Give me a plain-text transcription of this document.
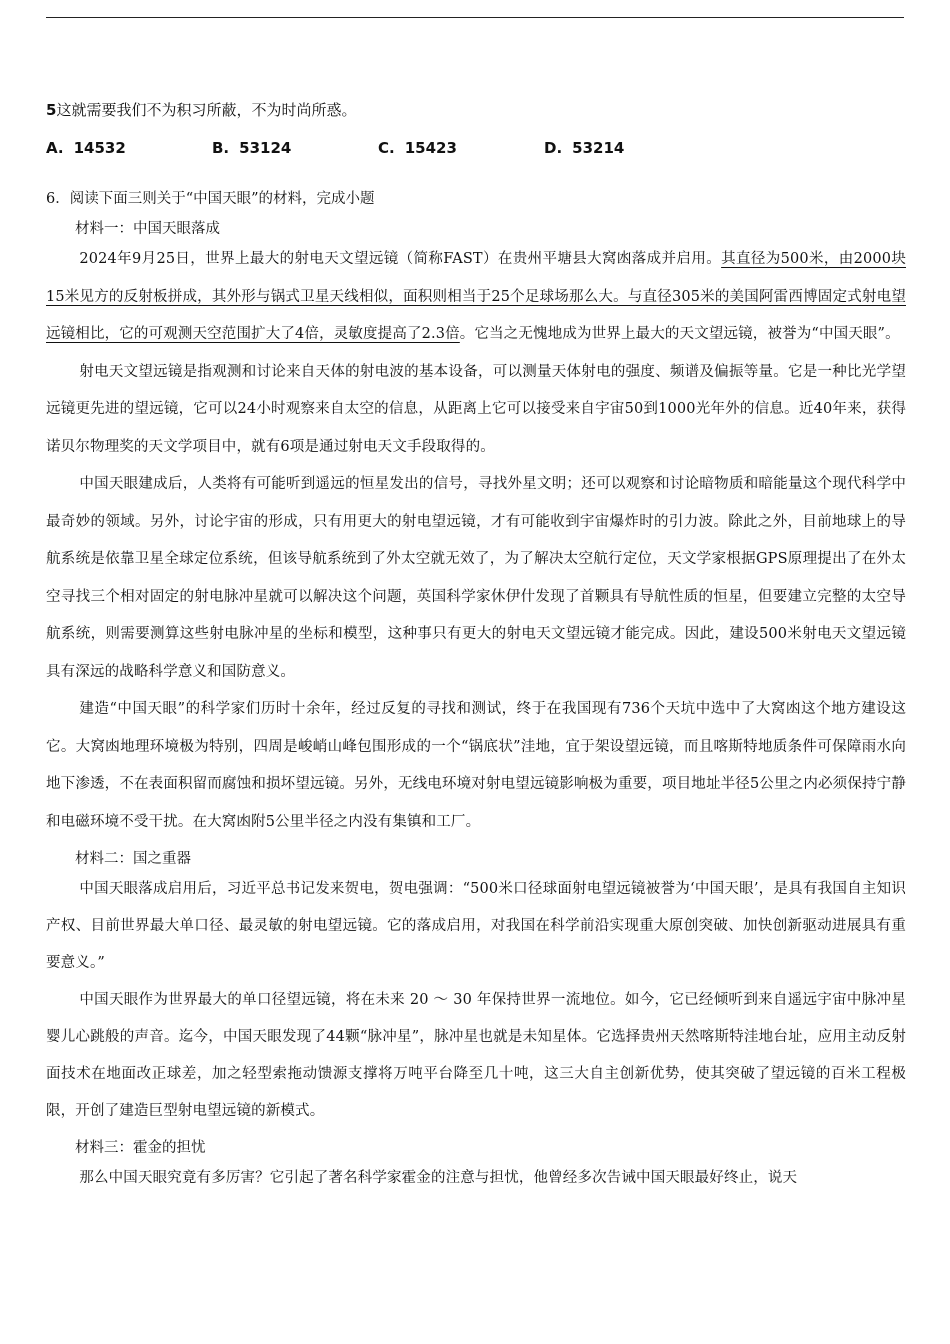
5这就需要我们不为积习所蔽，不为时尚所惑。

A. 14532	B. 53124	C. 15423	D. 53214
6．阅读下面三则关于“中国天眼”的材料，完成小题

材料一：中国天眼落成

2024年9月25日，世界上最大的射电天文望远镜（简称FAST）在贵州平塘县大窝凼落成并启用。其直径为500米，由2000块15米见方的反射板拼成，其外形与锅式卫星天线相似，面积则相当于25个足球场那么大。与直径305米的美国阿雷西博固定式射电望远镜相比，它的可观测天空范围扩大了4倍，灵敏度提高了2.3倍。它当之无愧地成为世界上最大的天文望远镜，被誉为“中国天眼”。

射电天文望远镜是指观测和讨论来自天体的射电波的基本设备，可以测量天体射电的强度、频谱及偏振等量。它是一种比光学望远镜更先进的望远镜，它可以24小时观察来自太空的信息，从距离上它可以接受来自宇宙50到1000光年外的信息。近40年来，获得诺贝尔物理奖的天文学项目中，就有6项是通过射电天文手段取得的。

中国天眼建成后，人类将有可能听到遥远的恒星发出的信号，寻找外星文明；还可以观察和讨论暗物质和暗能量这个现代科学中最奇妙的领域。另外，讨论宇宙的形成，只有用更大的射电望远镜，才有可能收到宇宙爆炸时的引力波。除此之外，目前地球上的导航系统是依靠卫星全球定位系统，但该导航系统到了外太空就无效了，为了解决太空航行定位，天文学家根据GPS原理提出了在外太空寻找三个相对固定的射电脉冲星就可以解决这个问题，英国科学家休伊什发现了首颗具有导航性质的恒星，但要建立完整的太空导航系统，则需要测算这些射电脉冲星的坐标和模型，这种事只有更大的射电天文望远镜才能完成。因此，建设500米射电天文望远镜具有深远的战略科学意义和国防意义。

建造“中国天眼”的科学家们历时十余年，经过反复的寻找和测试，终于在我国现有736个天坑中选中了大窝凼这个地方建设这它。大窝凼地理环境极为特别，四周是峻峭山峰包围形成的一个“锅底状”洼地，宜于架设望远镜，而且喀斯特地质条件可保障雨水向地下渗透，不在表面积留而腐蚀和损坏望远镜。另外，无线电环境对射电望远镜影响极为重要，项目地址半径5公里之内必须保持宁静和电磁环境不受干扰。在大窝凼附5公里半径之内没有集镇和工厂。

材料二：国之重器

中国天眼落成启用后，习近平总书记发来贺电，贺电强调：“500米口径球面射电望远镜被誉为‘中国天眼’，是具有我国自主知识产权、目前世界最大单口径、最灵敏的射电望远镜。它的落成启用，对我国在科学前沿实现重大原创突破、加快创新驱动进展具有重要意义。”

中国天眼作为世界最大的单口径望远镜，将在未来 20 ～ 30 年保持世界一流地位。如今，它已经倾听到来自遥远宇宙中脉冲星婴儿心跳般的声音。迄今，中国天眼发现了44颗“脉冲星”，脉冲星也就是未知星体。它选择贵州天然喀斯特洼地台址，应用主动反射面技术在地面改正球差，加之轻型索拖动馈源支撑将万吨平台降至几十吨，这三大自主创新优势，使其突破了望远镜的百米工程极限，开创了建造巨型射电望远镜的新模式。

材料三：霍金的担忧

那么中国天眼究竟有多厉害？它引起了著名科学家霍金的注意与担忧，他曾经多次告诫中国天眼最好终止，说天
